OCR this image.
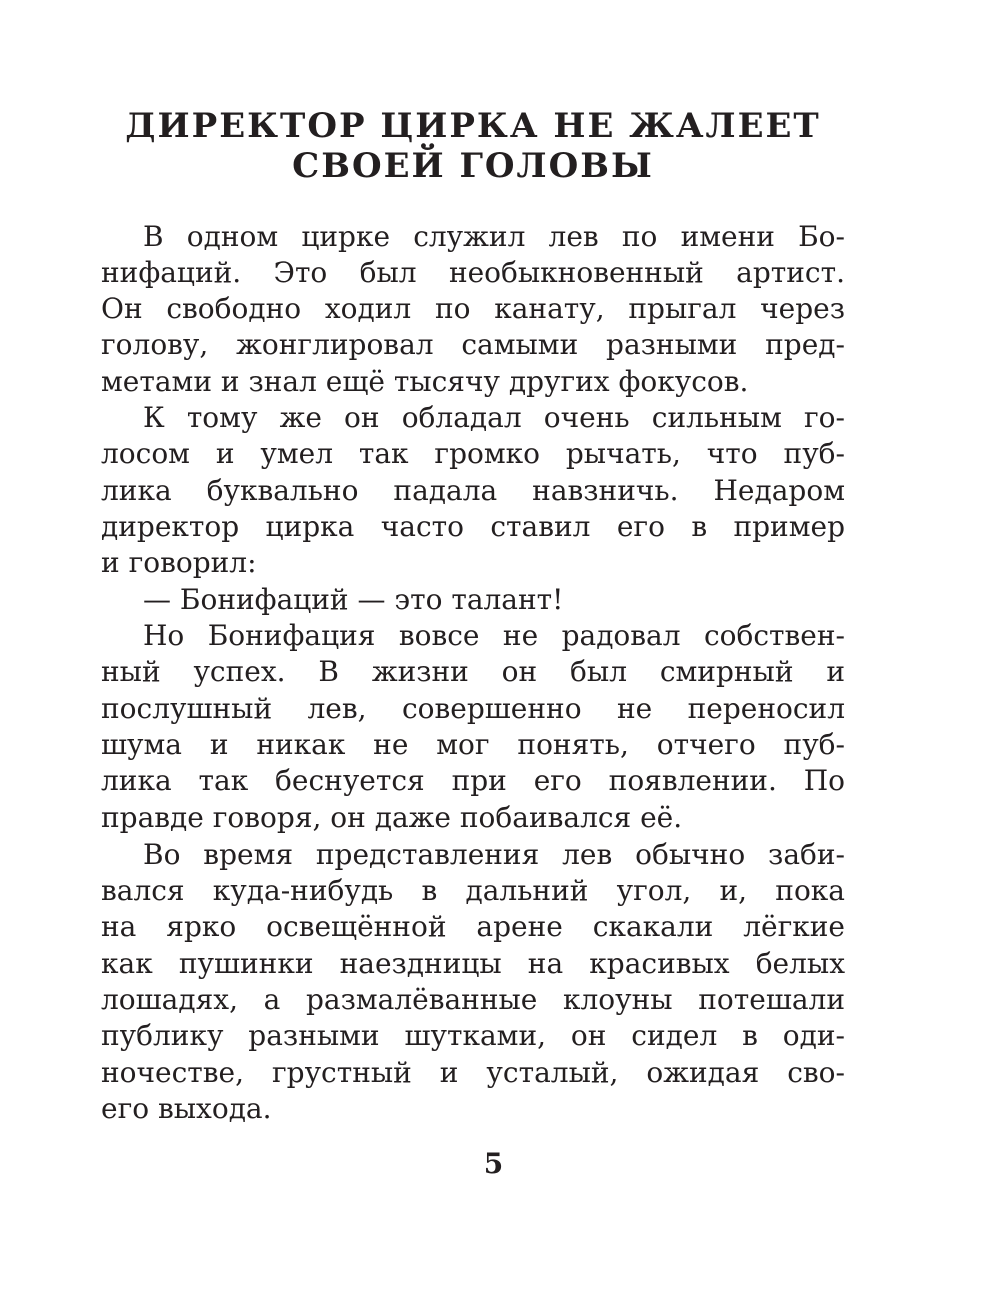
ДИРЕКТОР ЦИРКА НЕ ЖАЛЕЕТ
СВОЕЙ ГОЛОВЫ
В одном цирке служил лев по имени Бо-
нифаций. Это был необыкновенный артист.
Он свободно ходил по канату, прыгал через
голову, жонглировал самыми разными пред-
метами и знал ещё тысячу других фокусов.
К тому же он обладал очень сильным го-
лосом и умел так громко рычать, что пуб-
лика буквально падала навзничь. Недаром
директор цирка часто ставил его в пример
и говорил:
— Бонифаций — это талант!
Но Бонифация вовсе не радовал собствен-
ный успех. В жизни он был смирный и
послушный лев, совершенно не переносил
шума и никак не мог понять, отчего пуб-
лика так беснуется при его появлении. По
правде говоря, он даже побаивался её.
Во время представления лев обычно заби-
вался куда-нибудь в дальний угол, и, пока
на ярко освещённой арене скакали лёгкие
как пушинки наездницы на красивых белых
лошадях, а размалёванные клоуны потешали
публику разными шутками, он сидел в оди-
ночестве, грустный и усталый, ожидая сво-
его выхода.
5
